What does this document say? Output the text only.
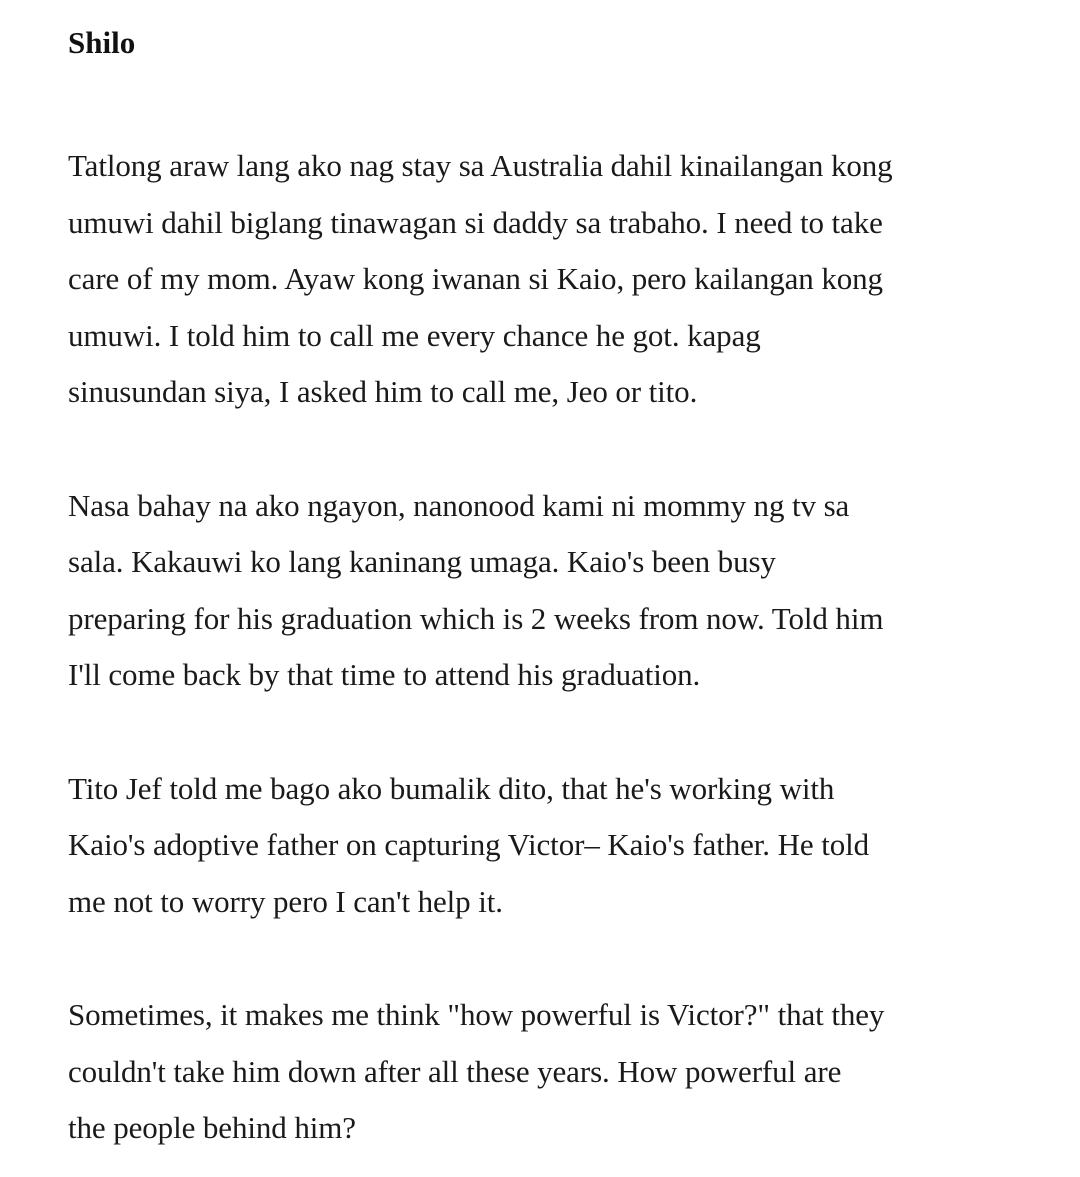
Shilo

Tatlong araw lang ako nag stay sa Australia dahil kinailangan kong
umuwi dahil biglang tinawagan si daddy sa trabaho. I need to take
care of my mom. Ayaw kong iwanan si Kaio, pero kailangan kong
umuwi. I told him to call me every chance he got. kapag
sinusundan siya, I asked him to call me, Jeo or tito.

Nasa bahay na ako ngayon, nanonood kami ni mommy ng tv sa
sala. Kakauwi ko lang kaninang umaga. Kaio's been busy
preparing for his graduation which is 2 weeks from now. Told him
I'll come back by that time to attend his graduation.

Tito Jef told me bago ako bumalik dito, that he's working with
Kaio's adoptive father on capturing Victor– Kaio's father. He told
me not to worry pero I can't help it.

Sometimes, it makes me think "how powerful is Victor?" that they
couldn't take him down after all these years. How powerful are
the people behind him?
